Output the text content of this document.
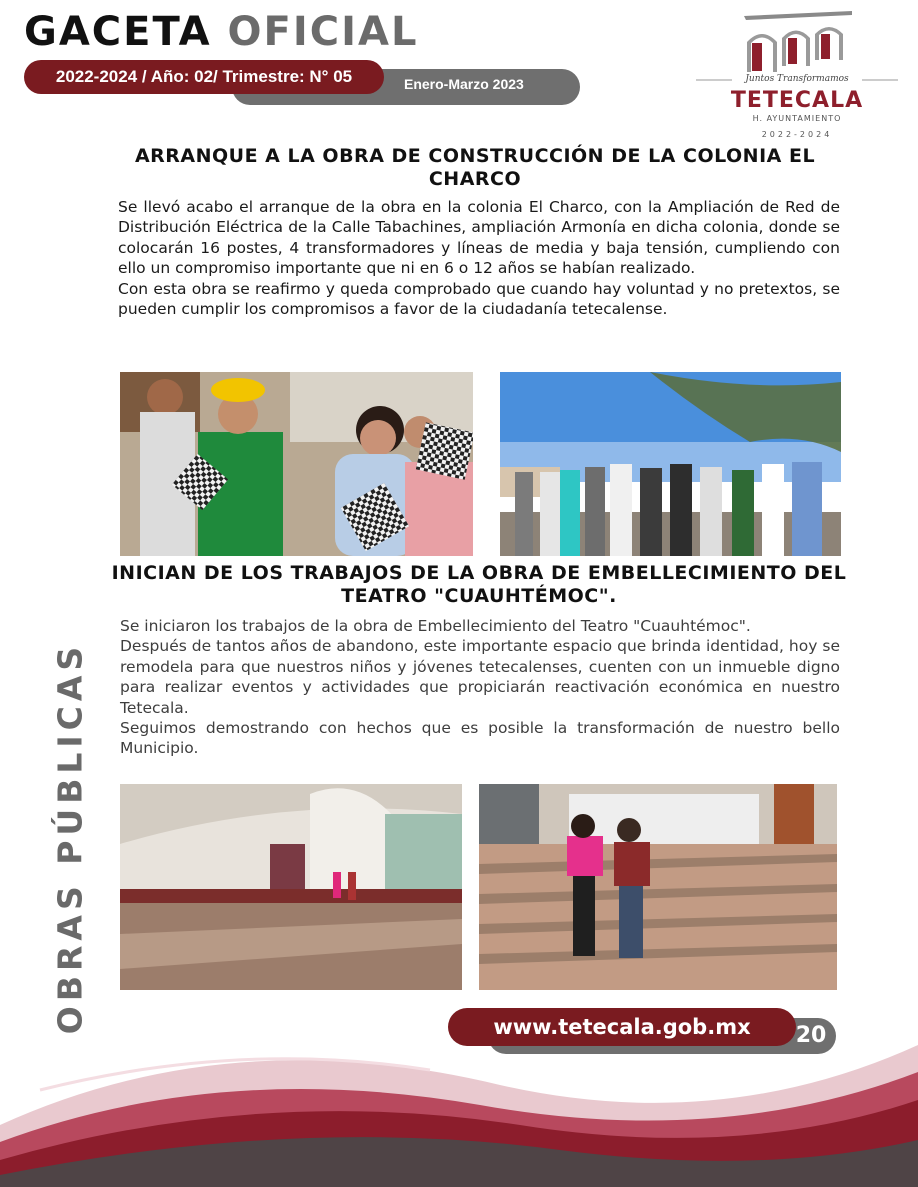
GACETA OFICIAL
Enero-Marzo 2023
2022-2024 / Año: 02/ Trimestre: N° 05	Juntos Transformamos
TETECALA
H. AYUNTAMIENTO
2022-2024
ARRANQUE A LA OBRA DE CONSTRUCCIÓN DE LA COLONIA EL CHARCO

Se llevó acabo el arranque de la obra en la colonia El Charco, con la Ampliación de Red de Distribución Eléctrica de la Calle Tabachines, ampliación Armonía en dicha colonia, donde se colocarán 16 postes, 4 transformadores y líneas de media y baja tensión, cumpliendo con ello un compromiso importante que ni en 6 o 12 años se habían realizado.

Con esta obra se reafirmo y queda comprobado que cuando hay voluntad y no pretextos, se pueden cumplir los compromisos a favor de la ciudadanía tetecalense.

INICIAN DE LOS TRABAJOS DE LA OBRA DE EMBELLECIMIENTO DEL TEATRO "CUAUHTÉMOC".

Se iniciaron los trabajos de la obra de Embellecimiento del Teatro "Cuauhtémoc".

Después de tantos años de abandono, este importante espacio que brinda identidad, hoy se remodela para que nuestros niños y jóvenes tetecalenses, cuenten con un inmueble digno para realizar eventos y actividades que propiciarán reactivación económica en nuestro Tetecala.

Seguimos demostrando con hechos que es posible la transformación de nuestro bello Municipio.

OBRAS PÚBLICAS	www.tetecala.gob.mx	20
